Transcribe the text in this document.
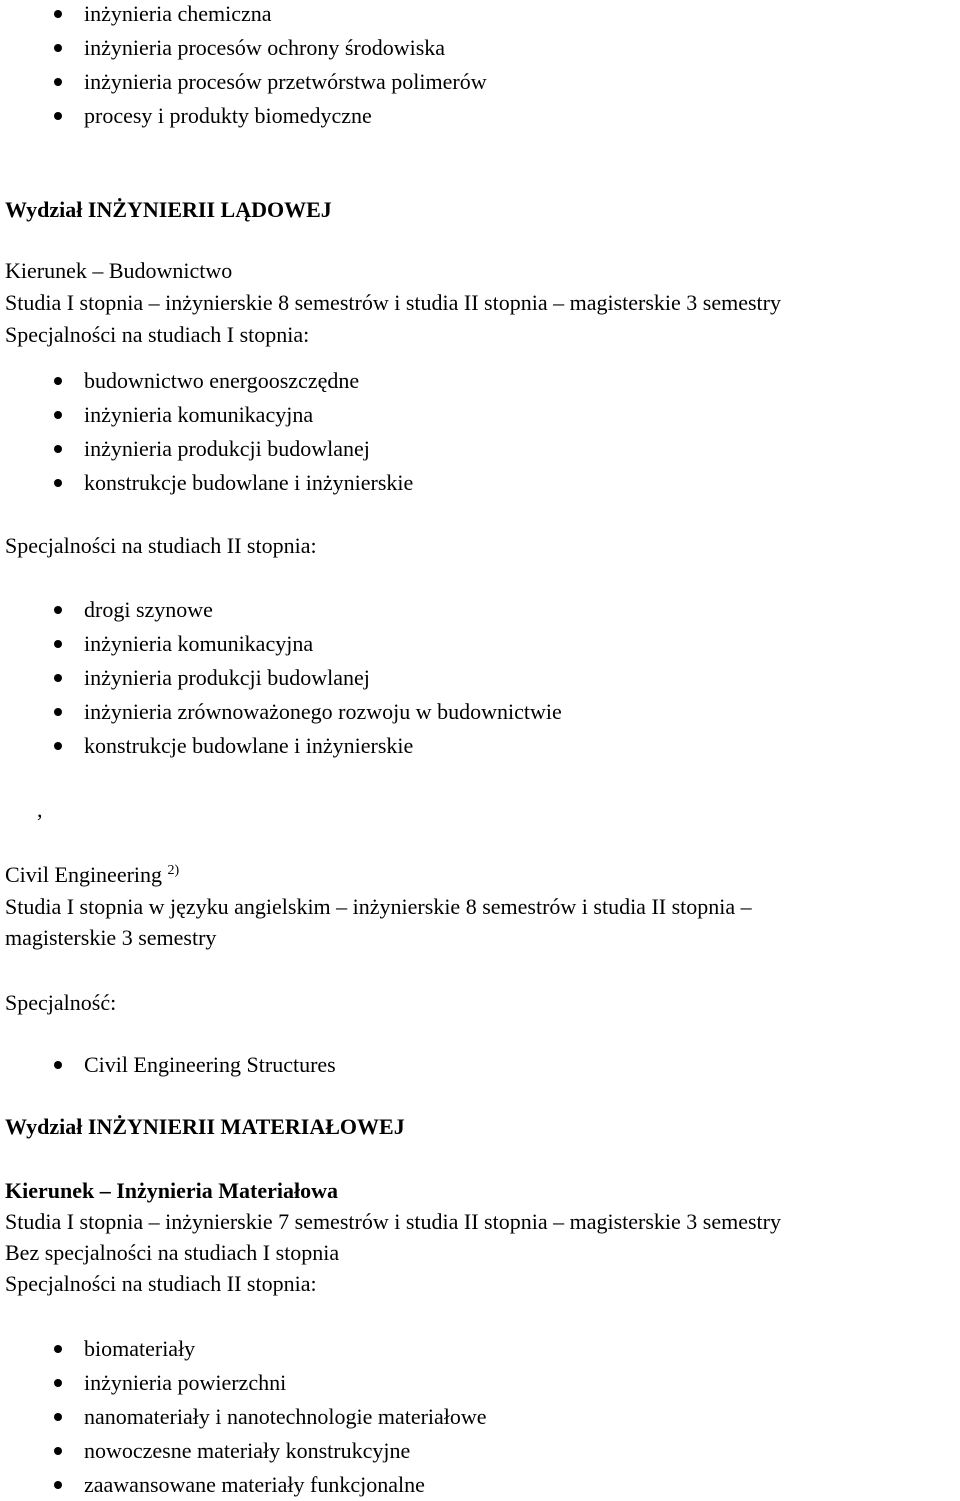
inżynieria chemiczna
inżynieria procesów ochrony środowiska
inżynieria procesów przetwórstwa polimerów
procesy i produkty biomedyczne
Wydział INŻYNIERII LĄDOWEJ
Kierunek – Budownictwo
Studia I stopnia – inżynierskie 8 semestrów i studia II stopnia – magisterskie 3 semestry
Specjalności na studiach I stopnia:
budownictwo energooszczędne
inżynieria komunikacyjna
inżynieria produkcji budowlanej
konstrukcje budowlane i inżynierskie
Specjalności na studiach II stopnia:
drogi szynowe
inżynieria komunikacyjna
inżynieria produkcji budowlanej
inżynieria zrównoważonego rozwoju w budownictwie
konstrukcje budowlane i inżynierskie
,
Civil Engineering $^{2)}$
Studia I stopnia w języku angielskim – inżynierskie 8 semestrów i studia II stopnia –
magisterskie 3 semestry
Specjalność:
Civil Engineering Structures
Wydział INŻYNIERII MATERIAŁOWEJ
Kierunek – Inżynieria Materiałowa
Studia I stopnia – inżynierskie 7 semestrów i studia II stopnia – magisterskie 3 semestry
Bez specjalności na studiach I stopnia
Specjalności na studiach II stopnia:
biomateriały
inżynieria powierzchni
nanomateriały i nanotechnologie materiałowe
nowoczesne materiały konstrukcyjne
zaawansowane materiały funkcjonalne
